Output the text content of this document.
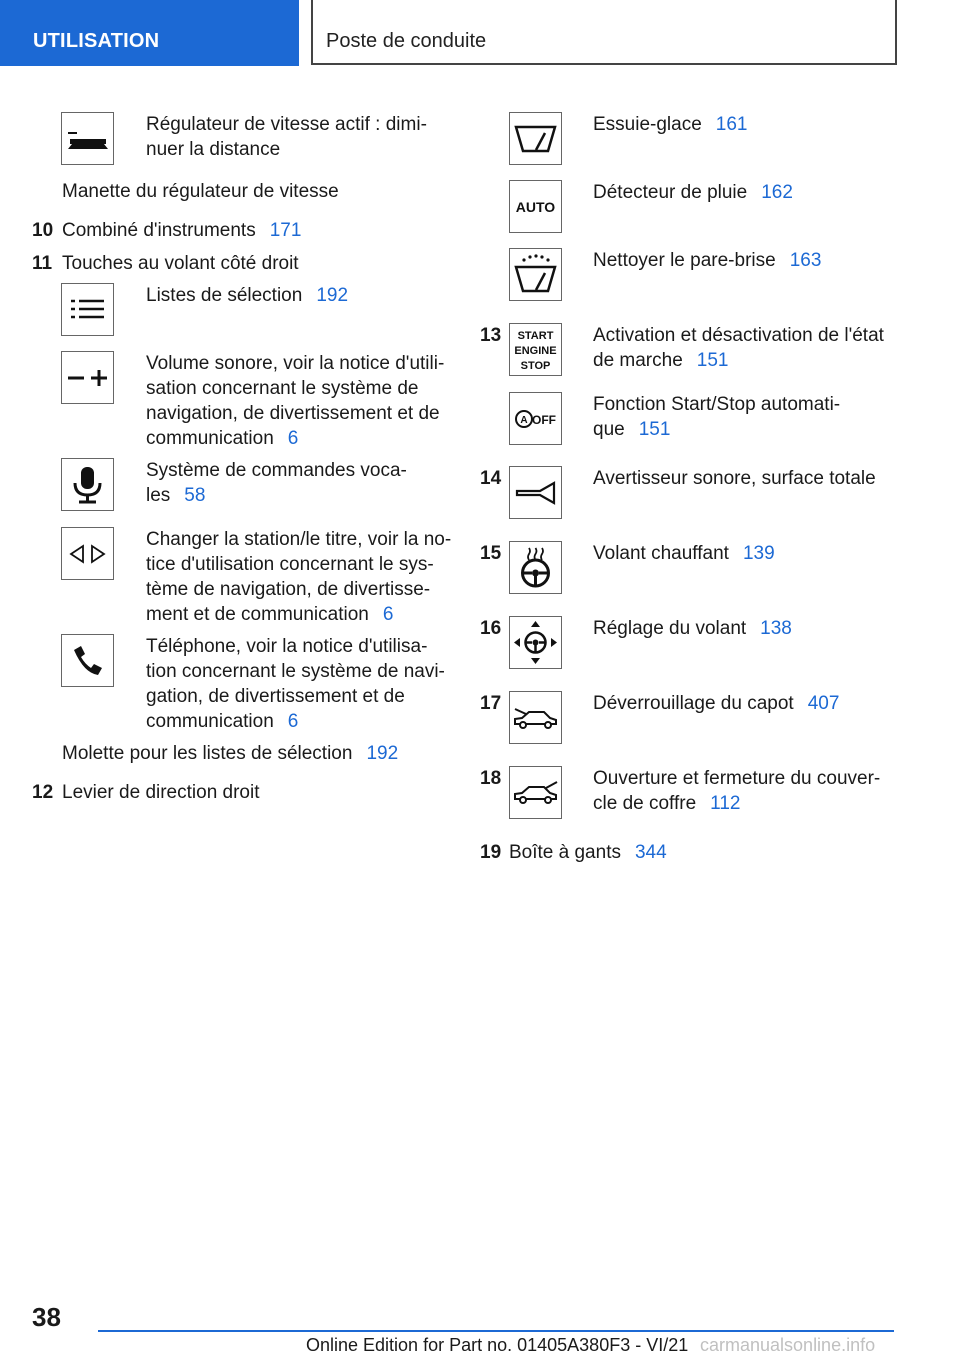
UTILISATION	Poste de conduite
Régulateur de vitesse actif : dimi-
nuer la distance
Manette du régulateur de vitesse
10 Combiné d'instruments 171
11 Touches au volant côté droit
Listes de sélection 192
Volume sonore, voir la notice d'utili-
sation concernant le système de
navigation, de divertissement et de
communication 6
Système de commandes voca-
les 58
Changer la station/le titre, voir la no-
tice d'utilisation concernant le sys-
tème de navigation, de divertisse-
ment et de communication 6
Téléphone, voir la notice d'utilisa-
tion concernant le système de navi-
gation, de divertissement et de
communication 6
Molette pour les listes de sélection 192
12 Levier de direction droit
Essuie-glace 161
AUTO
Détecteur de pluie 162
Nettoyer le pare-brise 163
13 START
ENGINE
STOP
Activation et désactivation de l'état
de marche 151
A OFF
Fonction Start/Stop automati-
que 151
14	Avertisseur sonore, surface totale
15	Volant chauffant 139
16	Réglage du volant 138
17	Déverrouillage du capot 407
18	Ouverture et fermeture du couver-
cle de coffre 112
19 Boîte à gants 344
38
Online Edition for Part no. 01405A380F3 - VI/21 carmanualsonline.info
